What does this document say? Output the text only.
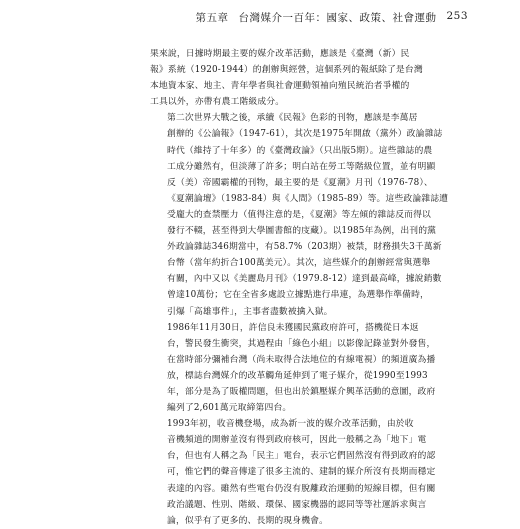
第五章 台灣媒介一百年：國家、政策、社會運動 253

果來說，日據時期最主要的媒介改革活動，應該是《臺灣（新）民
報》系統（1920-1944）的創辦與經營，這個系列的報紙除了是台灣
本地資本家、地主、青年學者與社會運動領袖向殖民統治者爭權的
工具以外，亦帶有農工階級成分。

第二次世界大戰之後，承續《民報》色彩的刊物，應該是李萬居
創辦的《公論報》（1947-61），其次是1975年開啟（黨外）政論雜誌
時代（維持了十年多）的《臺灣政論》（只出版5期）。這些雜誌的農
工成分雖然有，但淡薄了許多；明白站在勞工等階級位置，並有明顯
反（美）帝國霸權的刊物，最主要的是《夏潮》月刊（1976-78）、
《夏潮論壇》（1983-84）與《人間》（1985-89）等。這些政論雜誌遭
受龐大的查禁壓力（值得注意的是，《夏潮》等左傾的雜誌反而得以
發行不輟，甚至得到大學圖書館的庋藏）。以1985年為例，出刊的黨
外政論雜誌346期當中，有58.7%（203期）被禁，財務損失3千萬新
台幣（當年約折合100萬美元）。其次，這些媒介的創辦經常與選舉
有關，內中又以《美麗島月刊》（1979.8-12）達到最高峰，據說銷數
曾達10萬份；它在全省多處設立據點進行串連，為選舉作準備時，
引爆「高雄事件」，主事者盡數被擒入獄。

1986年11月30日，許信良未獲國民黨政府許可，搭機從日本返
台，警民發生衝突，其過程由「綠色小組」以影像記錄並對外發售，
在當時部分彌補台灣（尚未取得合法地位的有線電視）的頻道廣為播
放，標誌台灣媒介的改革觸角延伸到了電子媒介，從1990至1993
年，部分是為了販權問題，但也出於鎮壓媒介興革活動的意圖，政府
編列了2,601萬元取締第四台。

1993年初，收音機登場，成為新一波的媒介改革活動，由於收
音機頻道的開辦並沒有得到政府核可，因此一般稱之為「地下」電
台，但也有人稱之為「民主」電台，表示它們固然沒有得到政府的認
可，惟它們的聲音傳達了很多主流的、建制的媒介所沒有長期而穩定
表達的內容。雖然有些電台仍沒有脫離政治運動的短線目標，但有關
政治議題、性別、階級、環保、國家機器的認同等等社運訴求與言
論，似乎有了更多的、長期的現身機會。
